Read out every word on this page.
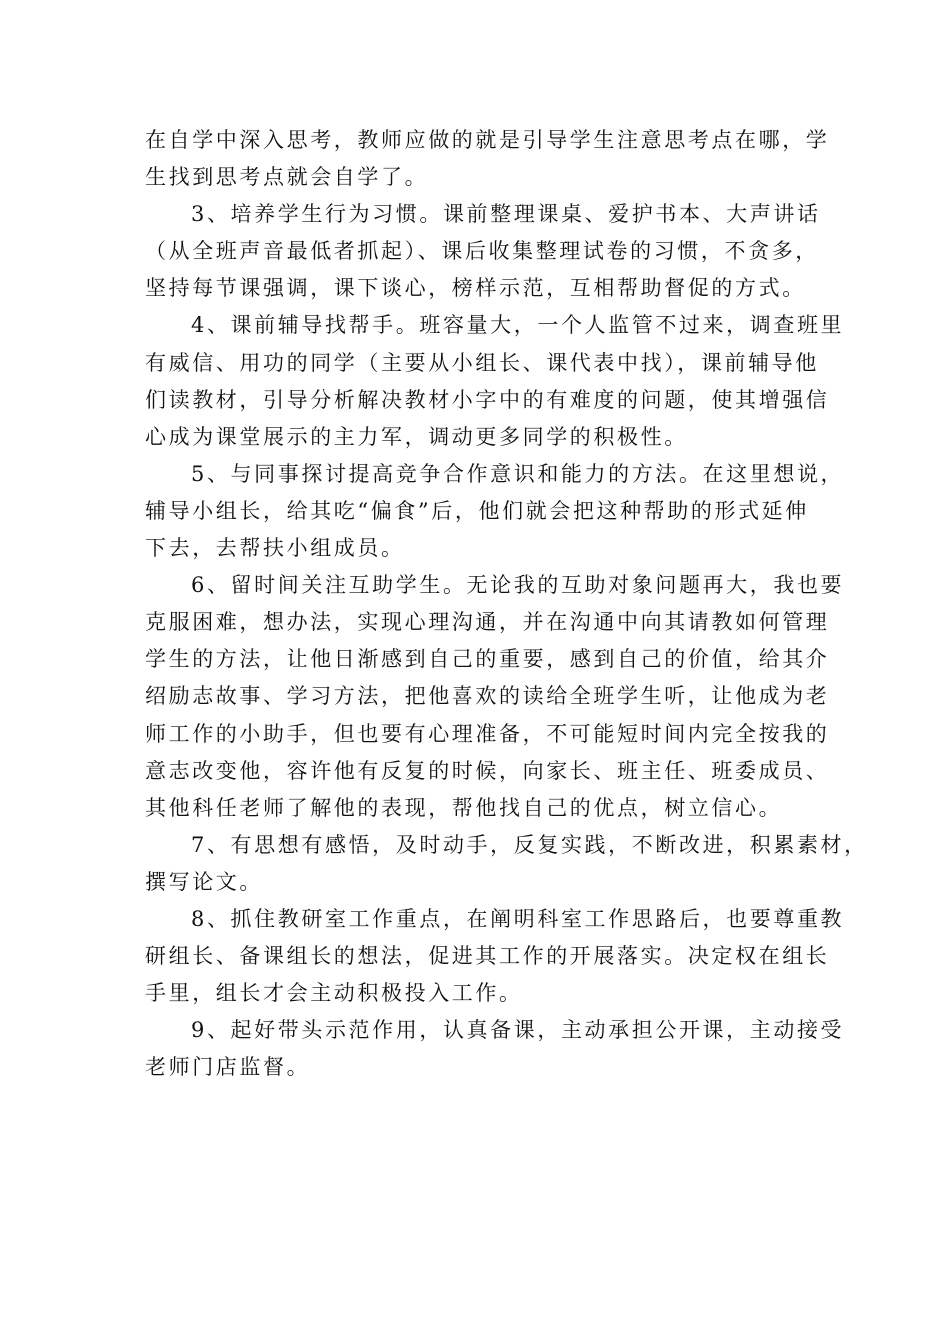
在自学中深入思考，教师应做的就是引导学生注意思考点在哪，学
生找到思考点就会自学了。
3、培养学生行为习惯。课前整理课桌、爱护书本、大声讲话
（从全班声音最低者抓起）、课后收集整理试卷的习惯，不贪多，
坚持每节课强调，课下谈心，榜样示范，互相帮助督促的方式。
4、课前辅导找帮手。班容量大，一个人监管不过来，调查班里
有威信、用功的同学（主要从小组长、课代表中找），课前辅导他
们读教材，引导分析解决教材小字中的有难度的问题，使其增强信
心成为课堂展示的主力军，调动更多同学的积极性。
5、与同事探讨提高竞争合作意识和能力的方法。在这里想说，
辅导小组长，给其吃“偏食”后，他们就会把这种帮助的形式延伸
下去，去帮扶小组成员。
6、留时间关注互助学生。无论我的互助对象问题再大，我也要
克服困难，想办法，实现心理沟通，并在沟通中向其请教如何管理
学生的方法，让他日渐感到自己的重要，感到自己的价值，给其介
绍励志故事、学习方法，把他喜欢的读给全班学生听，让他成为老
师工作的小助手，但也要有心理准备，不可能短时间内完全按我的
意志改变他，容许他有反复的时候，向家长、班主任、班委成员、
其他科任老师了解他的表现，帮他找自己的优点，树立信心。
7、有思想有感悟，及时动手，反复实践，不断改进，积累素材，
撰写论文。
8、抓住教研室工作重点，在阐明科室工作思路后，也要尊重教
研组长、备课组长的想法，促进其工作的开展落实。决定权在组长
手里，组长才会主动积极投入工作。
9、起好带头示范作用，认真备课，主动承担公开课，主动接受
老师门店监督。
